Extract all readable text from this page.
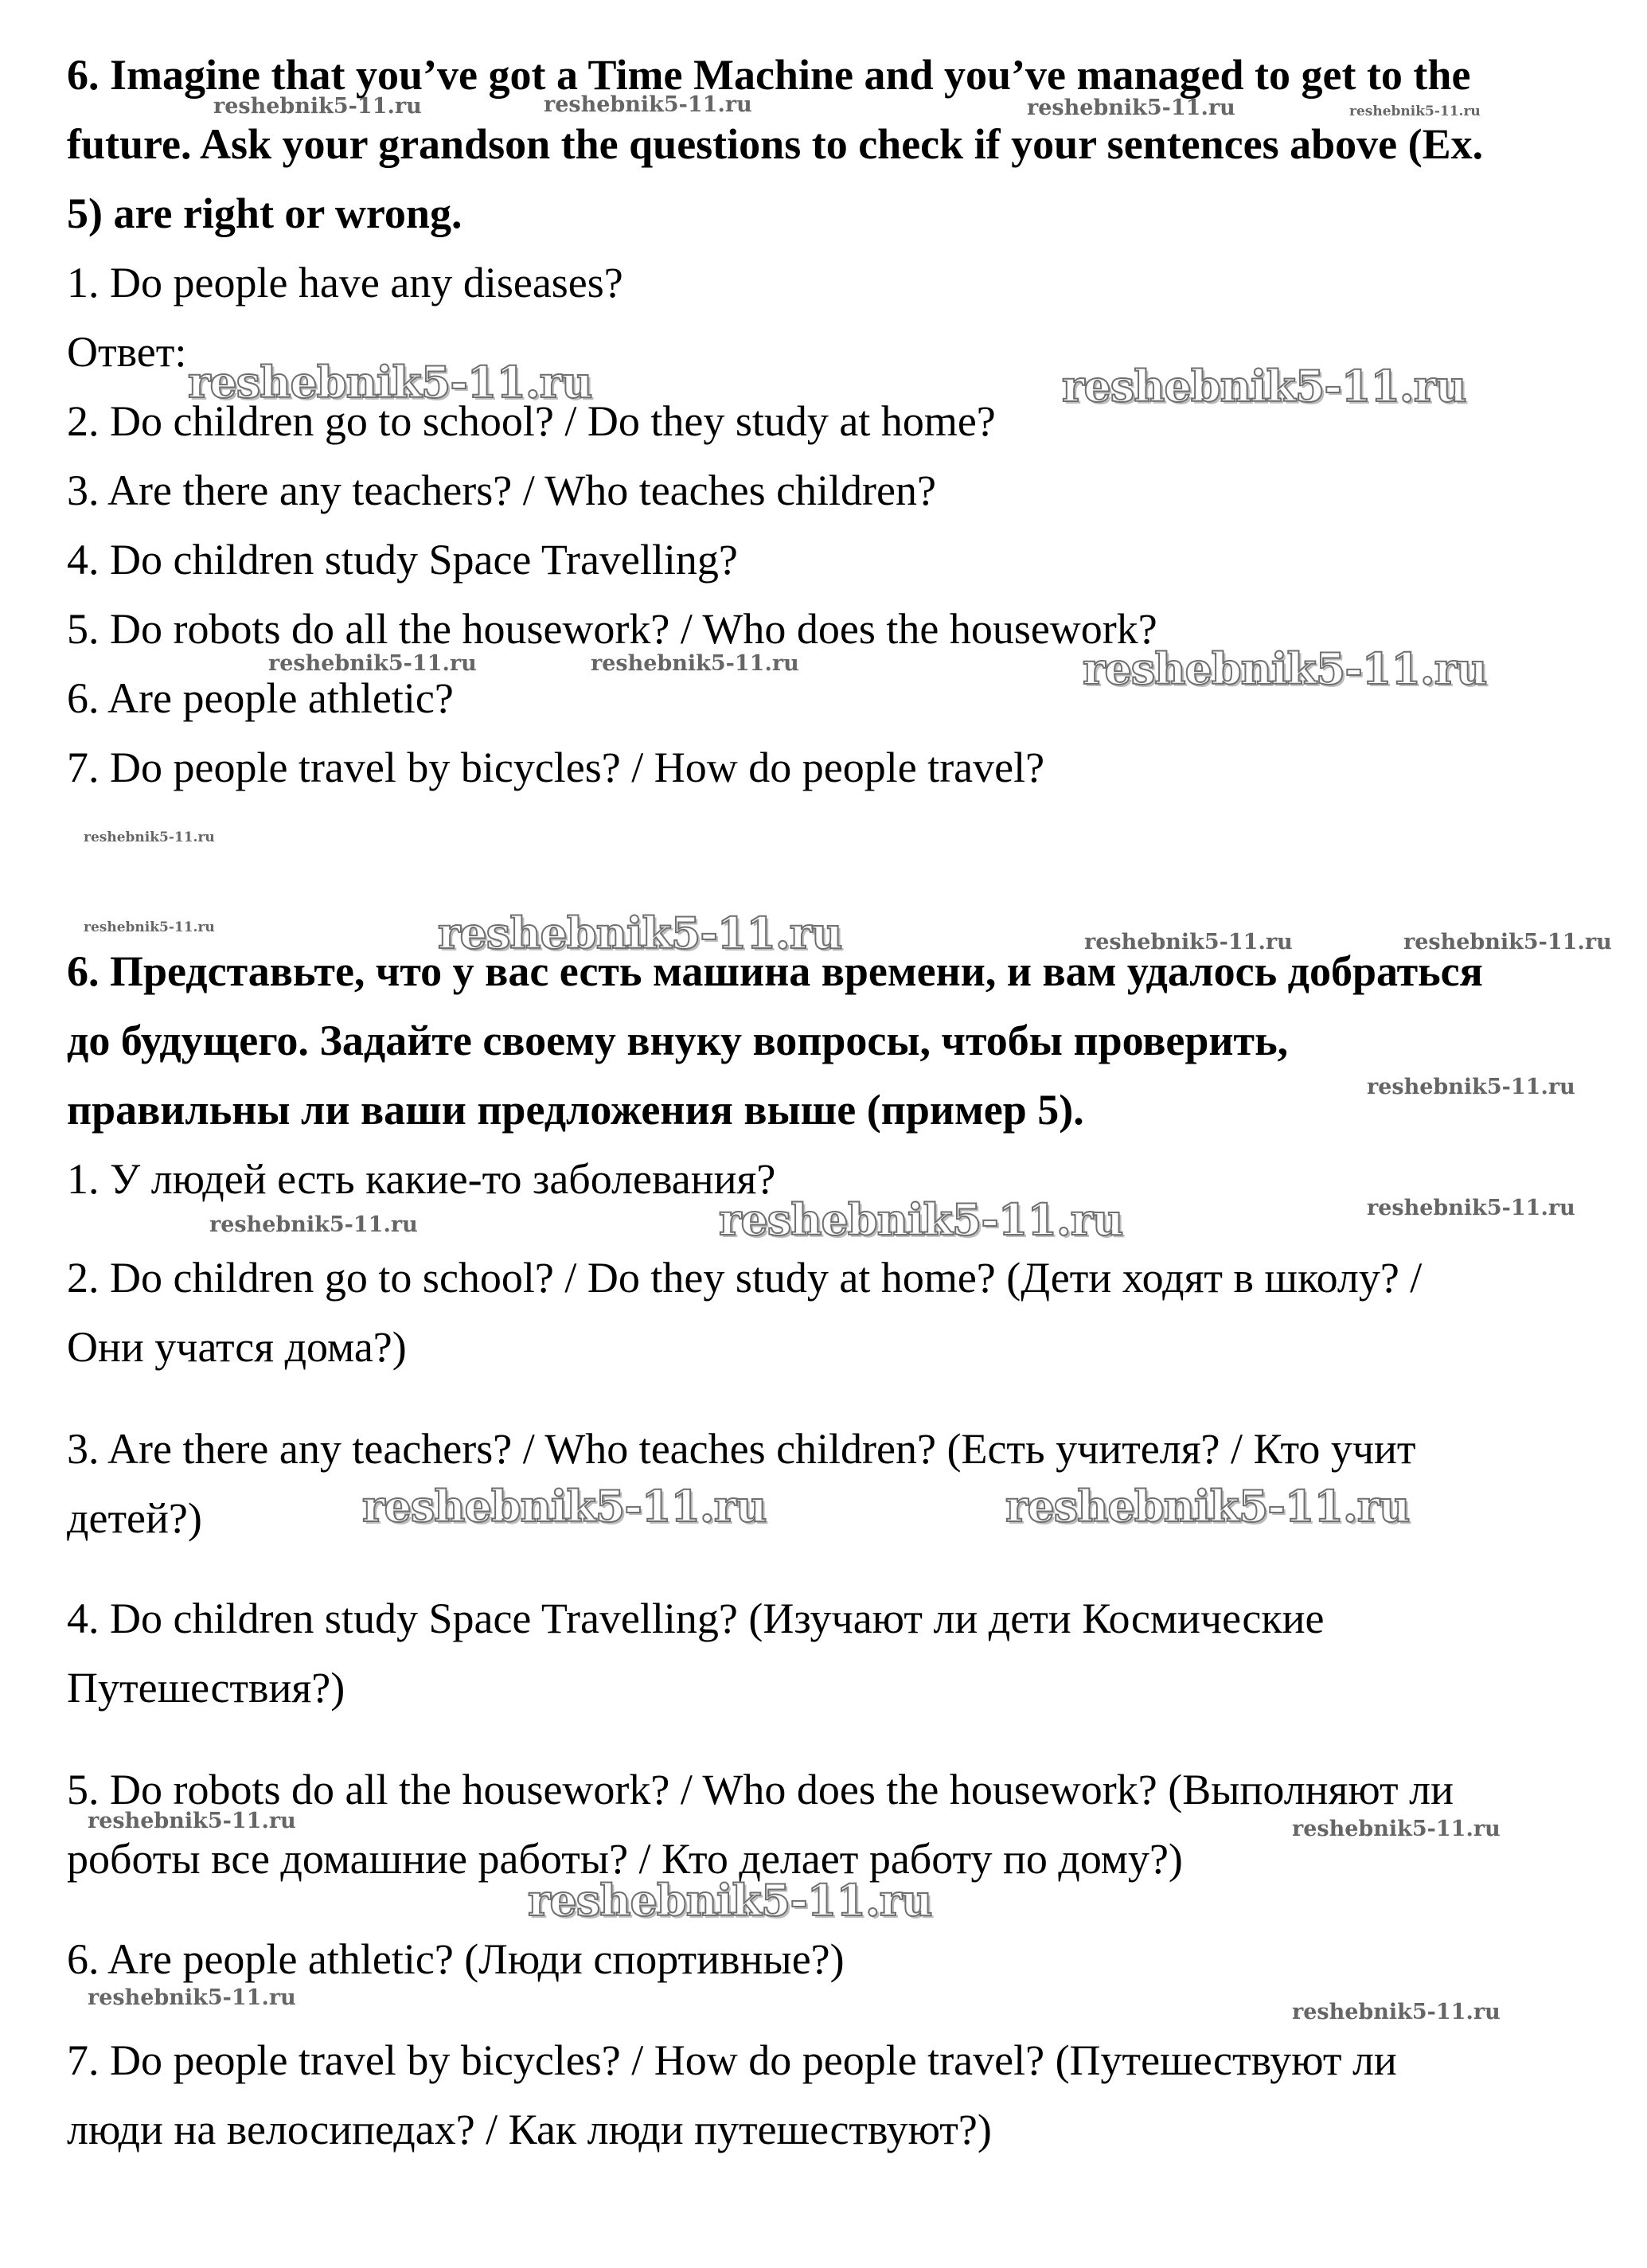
6. Imagine that you’ve got a Time Machine and you’ve managed to get to the

future. Ask your grandson the questions to check if your sentences above (Ex.

5) are right or wrong.

1. Do people have any diseases?

Ответ:

2. Do children go to school? / Do they study at home?

3. Are there any teachers? / Who teaches children?

4. Do children study Space Travelling?

5. Do robots do all the housework? / Who does the housework?

6. Are people athletic?

7. Do people travel by bicycles? / How do people travel?

6. Представьте, что у вас есть машина времени, и вам удалось добраться

до будущего. Задайте своему внуку вопросы, чтобы проверить,

правильны ли ваши предложения выше (пример 5).

1. У людей есть какие-то заболевания?

2. Do children go to school? / Do they study at home? (Дети ходят в школу? /

Они учатся дома?)

3. Are there any teachers? / Who teaches children? (Есть учителя? / Кто учит

детей?)

4. Do children study Space Travelling? (Изучают ли дети Космические

Путешествия?)

5. Do robots do all the housework? / Who does the housework? (Выполняют ли

роботы все домашние работы? / Кто делает работу по дому?)

6. Are people athletic? (Люди спортивные?)

7. Do people travel by bicycles? / How do people travel? (Путешествуют ли

люди на велосипедах? / Как люди путешествуют?)

reshebnik5-11.ru	reshebnik5-11.ru	reshebnik5-11.ru	reshebnik5-11.ru
reshebnik5-11.ru	reshebnik5-11.ru
reshebnik5-11.ru	reshebnik5-11.ru	reshebnik5-11.ru
reshebnik5-11.ru
reshebnik5-11.ru	reshebnik5-11.ru	reshebnik5-11.ru	reshebnik5-11.ru
reshebnik5-11.ru
reshebnik5-11.ru
reshebnik5-11.ru	reshebnik5-11.ru
reshebnik5-11.ru	reshebnik5-11.ru
reshebnik5-11.ru	reshebnik5-11.ru
reshebnik5-11.ru
reshebnik5-11.ru
reshebnik5-11.ru
